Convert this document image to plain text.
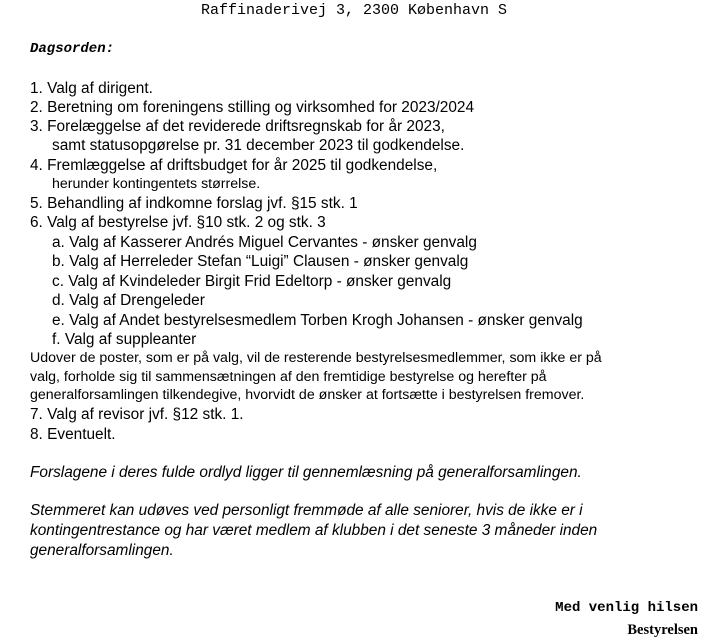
Raffinaderivej 3, 2300 København S
Dagsorden:
1. Valg af dirigent.
2. Beretning om foreningens stilling og virksomhed for 2023/2024
3. Forelæggelse af det reviderede driftsregnskab for år 2023,
samt statusopgørelse pr. 31 december 2023 til godkendelse.
4. Fremlæggelse af driftsbudget for år 2025 til godkendelse,
herunder kontingentets størrelse.
5. Behandling af indkomne forslag jvf. §15 stk. 1
6. Valg af bestyrelse jvf. §10 stk. 2 og stk. 3
a. Valg af Kasserer Andrés Miguel Cervantes - ønsker genvalg
b. Valg af Herreleder Stefan “Luigi” Clausen - ønsker genvalg
c. Valg af Kvindeleder Birgit Frid Edeltorp - ønsker genvalg
d. Valg af Drengeleder
e. Valg af Andet bestyrelsesmedlem Torben Krogh Johansen - ønsker genvalg
f. Valg af suppleanter
Udover de poster, som er på valg, vil de resterende bestyrelsesmedlemmer, som ikke er på
valg, forholde sig til sammensætningen af den fremtidige bestyrelse og herefter på
generalforsamlingen tilkendegive, hvorvidt de ønsker at fortsætte i bestyrelsen fremover.
7. Valg af revisor jvf. §12 stk. 1.
8. Eventuelt.
Forslagene i deres fulde ordlyd ligger til gennemlæsning på generalforsamlingen.
Stemmeret kan udøves ved personligt fremmøde af alle seniorer, hvis de ikke er i
kontingentrestance og har været medlem af klubben i det seneste 3 måneder inden
generalforsamlingen.
Med venlig hilsen
Bestyrelsen
